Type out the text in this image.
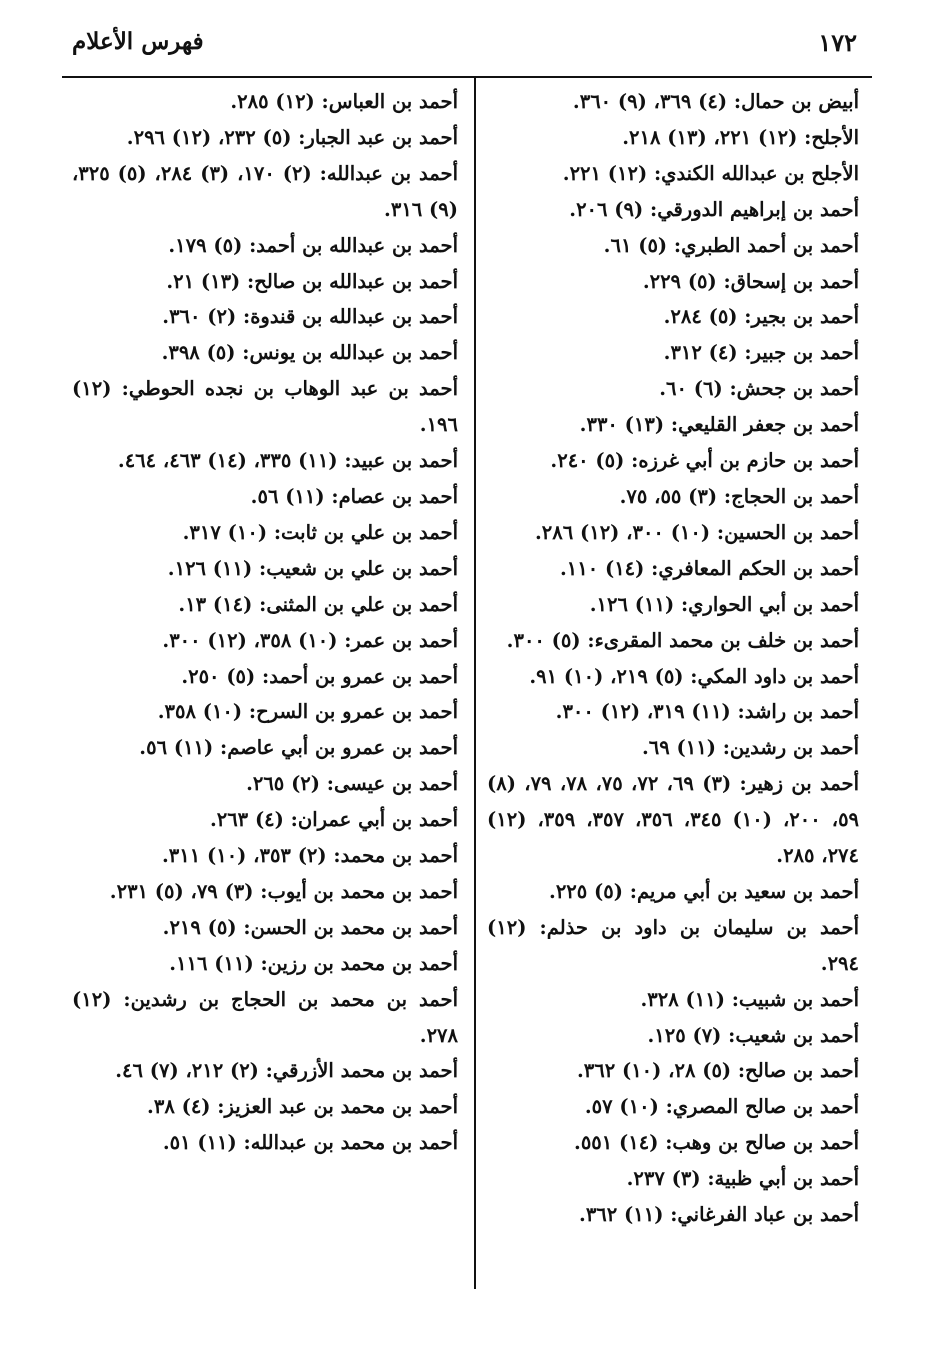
١٧٢
فهرس الأعلام

أبيض بن حمال: (٤) ٣٦٩، (٩) ٣٦٠.

الأجلح: (١٢) ٢٢١، (١٣) ٢١٨.

الأجلح بن عبدالله الكندي: (١٢) ٢٢١.

أحمد بن إبراهيم الدورقي: (٩) ٢٠٦.

أحمد بن أحمد الطبري: (٥) ٦١.

أحمد بن إسحاق: (٥) ٢٢٩.

أحمد بن بجير: (٥) ٢٨٤.

أحمد بن جبير: (٤) ٣١٢.

أحمد بن جحش: (٦) ٦٠.

أحمد بن جعفر القليعي: (١٣) ٣٣٠.

أحمد بن حازم بن أبي غرزه: (٥) ٢٤٠.

أحمد بن الحجاج: (٣) ٥٥، ٧٥.

أحمد بن الحسين: (١٠) ٣٠٠، (١٢) ٢٨٦.

أحمد بن الحكم المعافري: (١٤) ١١٠.

أحمد بن أبي الحواري: (١١) ١٢٦.

أحمد بن خلف بن محمد المقرىء: (٥) ٣٠٠.

أحمد بن داود المكي: (٥) ٢١٩، (١٠) ٩١.

أحمد بن راشد: (١١) ٣١٩، (١٢) ٣٠٠.

أحمد بن رشدين: (١١) ٦٩.

أحمد بن زهير: (٣) ٦٩، ٧٢، ٧٥، ٧٨، ٧٩، (٨) ٥٩، ٢٠٠، (١٠) ٣٤٥، ٣٥٦، ٣٥٧، ٣٥٩، (١٢) ٢٧٤، ٢٨٥.

أحمد بن سعيد بن أبي مريم: (٥) ٢٢٥.

أحمد بن سليمان بن داود بن حذلم: (١٢) ٢٩٤.

أحمد بن شبيب: (١١) ٣٢٨.

أحمد بن شعيب: (٧) ١٢٥.

أحمد بن صالح: (٥) ٢٨، (١٠) ٣٦٢.

أحمد بن صالح المصري: (١٠) ٥٧.

أحمد بن صالح بن وهب: (١٤) ٥٥١.

أحمد بن أبي ظبية: (٣) ٢٣٧.

أحمد بن عباد الفرغاني: (١١) ٣٦٢.

أحمد بن العباس: (١٢) ٢٨٥.

أحمد بن عبد الجبار: (٥) ٢٣٢، (١٢) ٢٩٦.

أحمد بن عبدالله: (٢) ١٧٠، (٣) ٢٨٤، (٥) ٣٢٥، (٩) ٣١٦.

أحمد بن عبدالله بن أحمد: (٥) ١٧٩.

أحمد بن عبدالله بن صالح: (١٣) ٢١.

أحمد بن عبدالله بن قندوة: (٢) ٣٦٠.

أحمد بن عبدالله بن يونس: (٥) ٣٩٨.

أحمد بن عبد الوهاب بن نجده الحوطي: (١٢) ١٩٦.

أحمد بن عبيد: (١١) ٣٣٥، (١٤) ٤٦٣، ٤٦٤.

أحمد بن عصام: (١١) ٥٦.

أحمد بن علي بن ثابت: (١٠) ٣١٧.

أحمد بن علي بن شعيب: (١١) ١٢٦.

أحمد بن علي بن المثنى: (١٤) ١٣.

أحمد بن عمر: (١٠) ٣٥٨، (١٢) ٣٠٠.

أحمد بن عمرو بن أحمد: (٥) ٢٥٠.

أحمد بن عمرو بن السرح: (١٠) ٣٥٨.

أحمد بن عمرو بن أبي عاصم: (١١) ٥٦.

أحمد بن عيسى: (٢) ٢٦٥.

أحمد بن أبي عمران: (٤) ٢٦٣.

أحمد بن محمد: (٢) ٣٥٣، (١٠) ٣١١.

أحمد بن محمد بن أيوب: (٣) ٧٩، (٥) ٢٣١.

أحمد بن محمد بن الحسن: (٥) ٢١٩.

أحمد بن محمد بن رزين: (١١) ١١٦.

أحمد بن محمد بن الحجاج بن رشدين: (١٢) ٢٧٨.

أحمد بن محمد الأزرقي: (٢) ٢١٢، (٧) ٤٦.

أحمد بن محمد بن عبد العزيز: (٤) ٣٨.

أحمد بن محمد بن عبدالله: (١١) ٥١.
